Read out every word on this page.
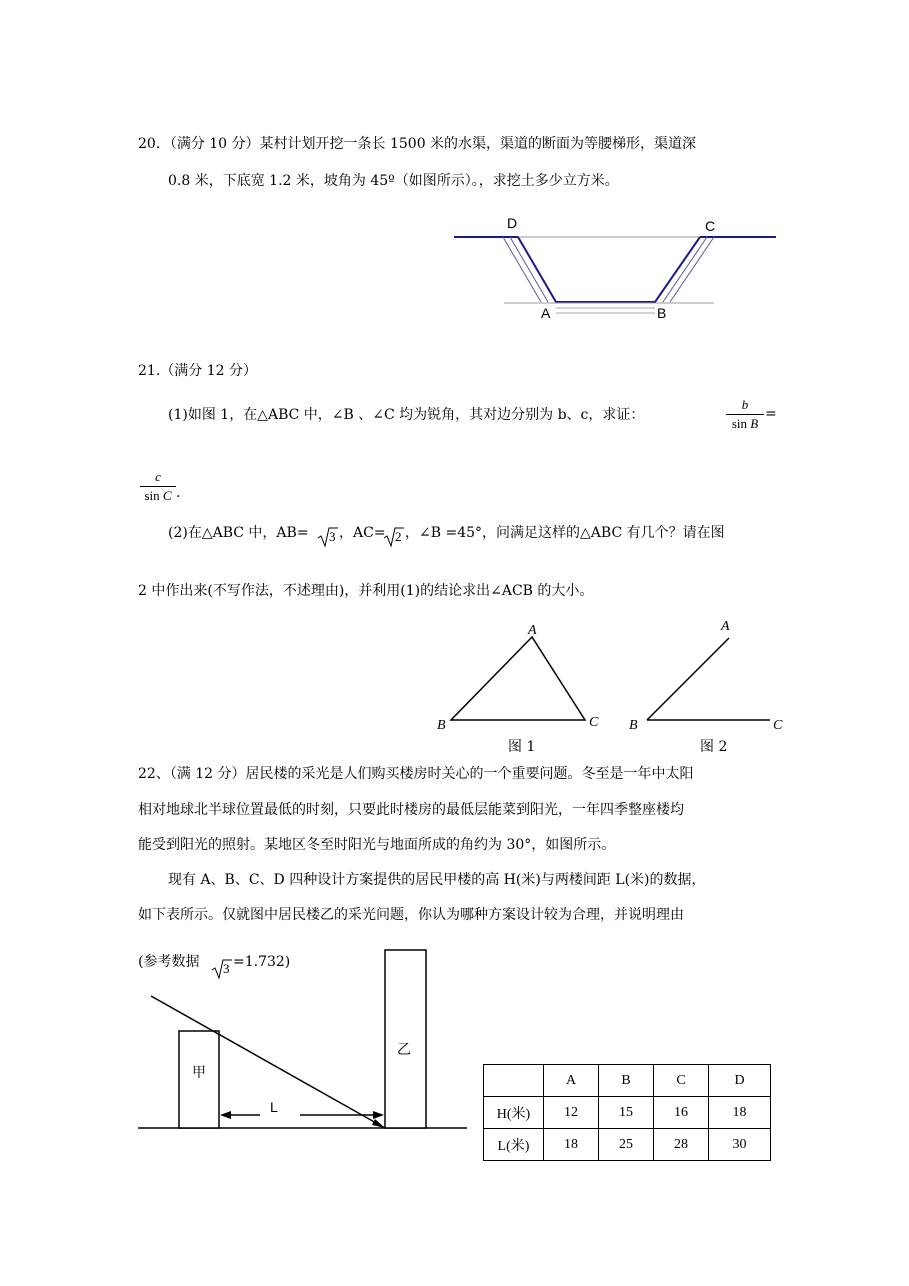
20．（满分 10 分）某村计划开挖一条长 1500 米的水渠，渠道的断面为等腰梯形，渠道深
0.8 米，下底宽 1.2 米，坡角为 45º（如图所示）。，求挖土多少立方米。
D	C
A	B
21.（满分 12 分）
(1)如图 1，在△ABC 中，∠B 、∠C 均为锐角，其对边分别为 b、c，求证：
b
sin B
=
c
sin C .
(2)在△ABC 中，AB= 3 ，AC= 2 ，∠B =45°，问满足这样的△ABC 有几个？请在图
2 中作出来(不写作法，不述理由)，并利用(1)的结论求出∠ACB 的大小。
A
B	C
图 1
A
B	C
图 2
22、（满 12 分）居民楼的采光是人们购买楼房时关心的一个重要问题。冬至是一年中太阳
相对地球北半球位置最低的时刻，只要此时楼房的最低层能菜到阳光，一年四季整座楼均
能受到阳光的照射。某地区冬至时阳光与地面所成的角约为 30°，如图所示。
现有 A、B、C、D 四种设计方案提供的居民甲楼的高 H(米)与两楼间距 L(米)的数据，
如下表所示。仅就图中居民楼乙的采光问题，你认为哪种方案设计较为合理，并说明理由
(参考数据 3 =1.732)
甲
乙
L
	A	B	C	D
H(米)	12	15	16	18
L(米)	18	25	28	30
